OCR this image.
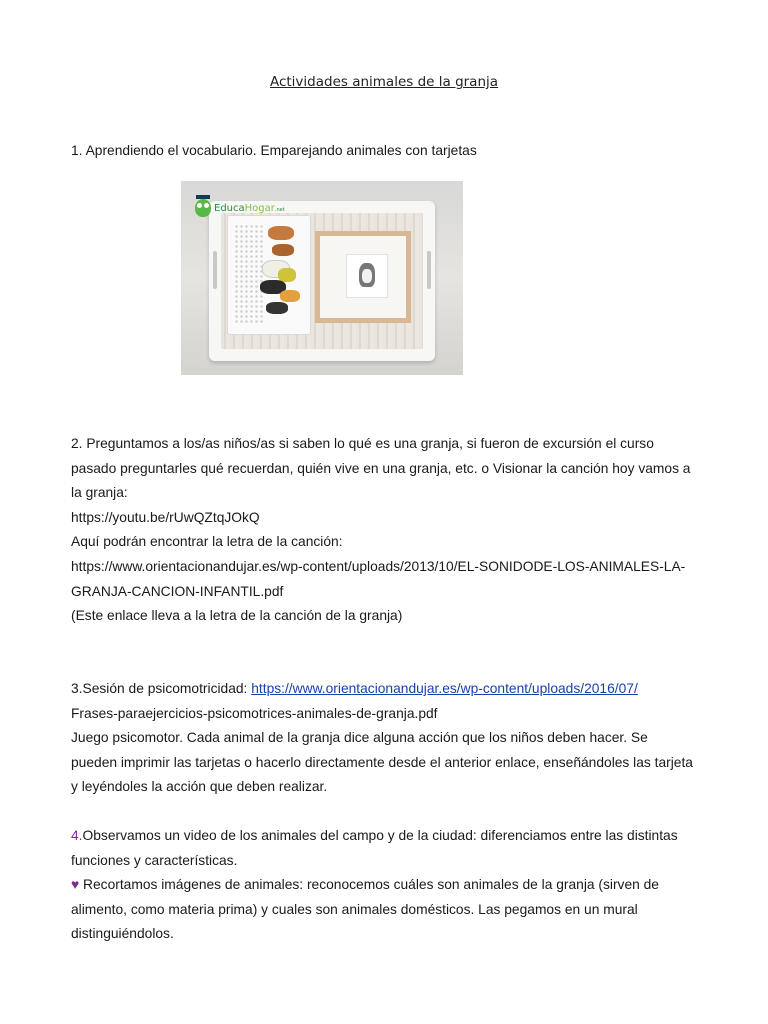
Actividades animales de la granja

1. Aprendiendo el vocabulario. Emparejando animales con tarjetas

EducaHogar.net

2. Preguntamos a los/as niños/as si saben lo qué es una granja, si fueron de excursión el curso
pasado preguntarles qué recuerdan, quién vive en una granja, etc. o Visionar la canción hoy vamos a
la granja:
https://youtu.be/rUwQZtqJOkQ
Aquí podrán encontrar la letra de la canción:
https://www.orientacionandujar.es/wp-content/uploads/2013/10/EL-SONIDODE-LOS-ANIMALES-LA-
GRANJA-CANCION-INFANTIL.pdf
(Este enlace lleva a la letra de la canción de la granja)

3.Sesión de psicomotricidad: https://www.orientacionandujar.es/wp-content/uploads/2016/07/
Frases-paraejercicios-psicomotrices-animales-de-granja.pdf
Juego psicomotor. Cada animal de la granja dice alguna acción que los niños deben hacer. Se
pueden imprimir las tarjetas o hacerlo directamente desde el anterior enlace, enseñándoles las tarjeta
y leyéndoles la acción que deben realizar.

4.Observamos un video de los animales del campo y de la ciudad: diferenciamos entre las distintas
funciones y características.
♥ Recortamos imágenes de animales: reconocemos cuáles son animales de la granja (sirven de
alimento, como materia prima) y cuales son animales domésticos. Las pegamos en un mural
distinguiéndolos.
